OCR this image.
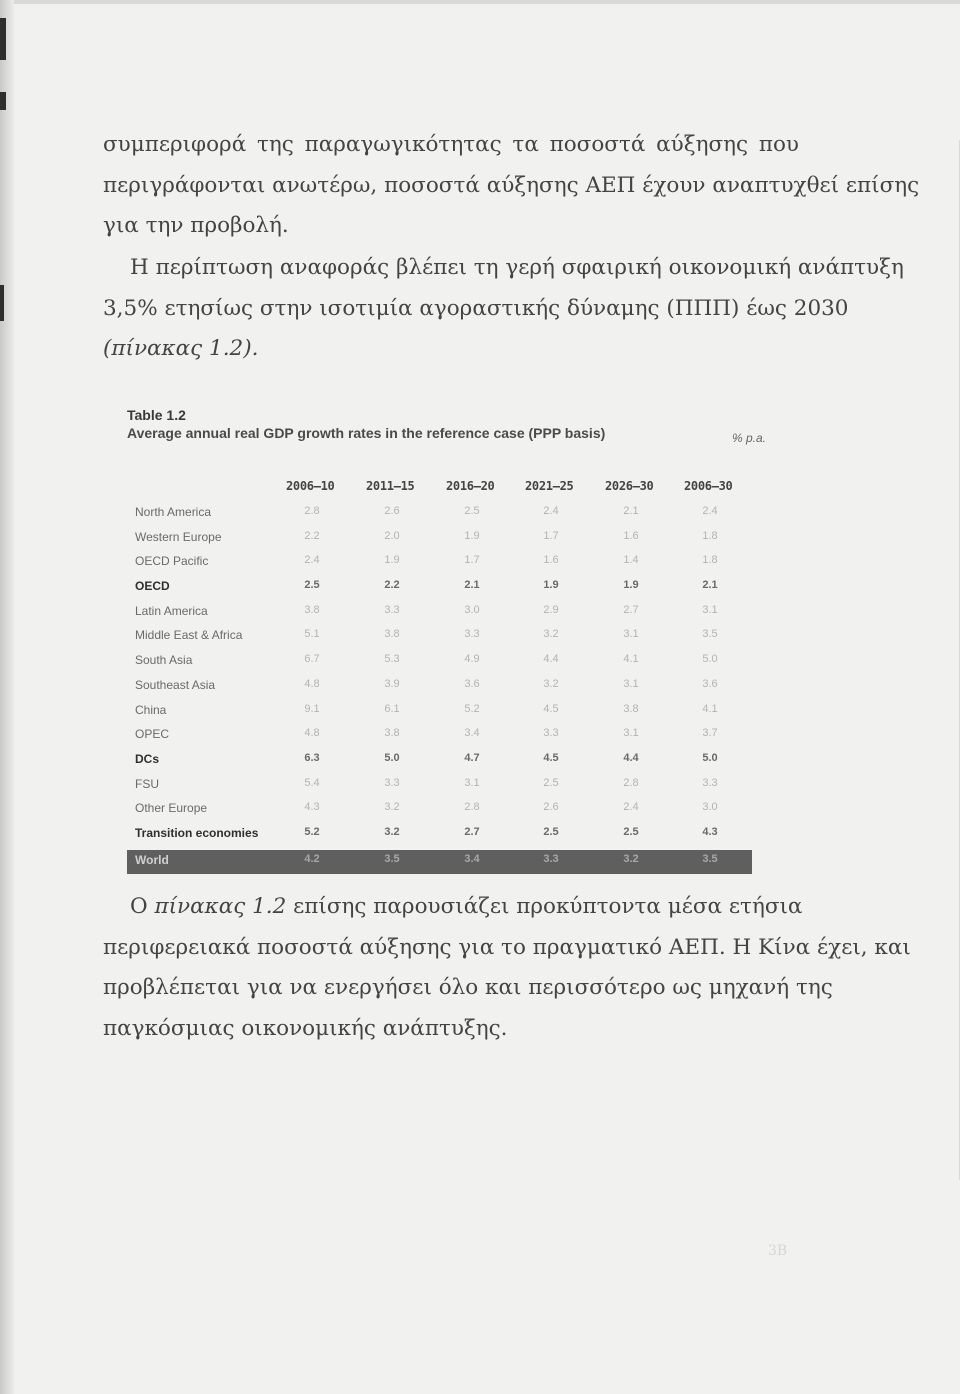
συμπεριφορά της παραγωγικότητας τα ποσοστά αύξησης που
περιγράφονται ανωτέρω, ποσοστά αύξησης ΑΕΠ έχουν αναπτυχθεί επίσης
για την προβολή.
Η περίπτωση αναφοράς βλέπει τη γερή σφαιρική οικονομική ανάπτυξη
3,5% ετησίως στην ισοτιμία αγοραστικής δύναμης (ΠΠΠ) έως 2030
(πίνακας 1.2).
Table 1.2
Average annual real GDP growth rates in the reference case (PPP basis)	% p.a.
2006–10	2011–15	2016–20	2021–25	2026–30	2006–30
North America	2.8	2.6	2.5	2.4	2.1	2.4
Western Europe	2.2	2.0	1.9	1.7	1.6	1.8
OECD Pacific	2.4	1.9	1.7	1.6	1.4	1.8
OECD	2.5	2.2	2.1	1.9	1.9	2.1
Latin America	3.8	3.3	3.0	2.9	2.7	3.1
Middle East & Africa	5.1	3.8	3.3	3.2	3.1	3.5
South Asia	6.7	5.3	4.9	4.4	4.1	5.0
Southeast Asia	4.8	3.9	3.6	3.2	3.1	3.6
China	9.1	6.1	5.2	4.5	3.8	4.1
OPEC	4.8	3.8	3.4	3.3	3.1	3.7
DCs	6.3	5.0	4.7	4.5	4.4	5.0
FSU	5.4	3.3	3.1	2.5	2.8	3.3
Other Europe	4.3	3.2	2.8	2.6	2.4	3.0
Transition economies	5.2	3.2	2.7	2.5	2.5	4.3
World	4.2	3.5	3.4	3.3	3.2	3.5
Ο πίνακας 1.2 επίσης παρουσιάζει προκύπτοντα μέσα ετήσια
περιφερειακά ποσοστά αύξησης για το πραγματικό ΑΕΠ. Η Κίνα έχει, και
προβλέπεται για να ενεργήσει όλο και περισσότερο ως μηχανή της
παγκόσμιας οικονομικής ανάπτυξης.
3Β
